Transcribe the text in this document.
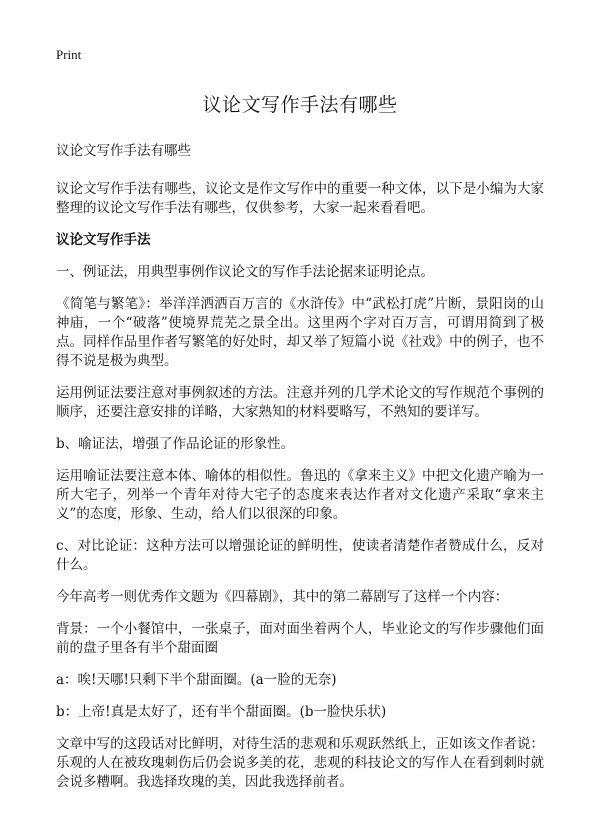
Print
议论文写作手法有哪些

议论文写作手法有哪些

议论文写作手法有哪些，议论文是作文写作中的重要一种文体，以下是小编为大家整理的议论文写作手法有哪些，仅供参考，大家一起来看看吧。

议论文写作手法

一、例证法，用典型事例作议论文的写作手法论据来证明论点。

《简笔与繁笔》：举洋洋洒洒百万言的《水浒传》中“武松打虎”片断，景阳岗的山神庙，一个“破落”使境界荒芜之景全出。这里两个字对百万言，可谓用简到了极点。同样作品里作者写繁笔的好处时，却又举了短篇小说《社戏》中的例子，也不得不说是极为典型。

运用例证法要注意对事例叙述的方法。注意并列的几学术论文的写作规范个事例的顺序，还要注意安排的详略，大家熟知的材料要略写，不熟知的要详写。

b、喻证法，增强了作品论证的形象性。

运用喻证法要注意本体、喻体的相似性。鲁迅的《拿来主义》中把文化遗产喻为一所大宅子，列举一个青年对待大宅子的态度来表达作者对文化遗产采取“拿来主义”的态度，形象、生动，给人们以很深的印象。

c、对比论证：这种方法可以增强论证的鲜明性，使读者清楚作者赞成什么，反对什么。

今年高考一则优秀作文题为《四幕剧》，其中的第二幕剧写了这样一个内容：

背景：一个小餐馆中，一张桌子，面对面坐着两个人，毕业论文的写作步骤他们面前的盘子里各有半个甜面圈

a：唉!天哪!只剩下半个甜面圈。(a一脸的无奈)

b：上帝!真是太好了，还有半个甜面圈。(b一脸快乐状)

文章中写的这段话对比鲜明，对待生活的悲观和乐观跃然纸上，正如该文作者说：乐观的人在被玫瑰刺伤后仍会说多美的花，悲观的科技论文的写作人在看到刺时就会说多糟啊。我选择玫瑰的美，因此我选择前者。
